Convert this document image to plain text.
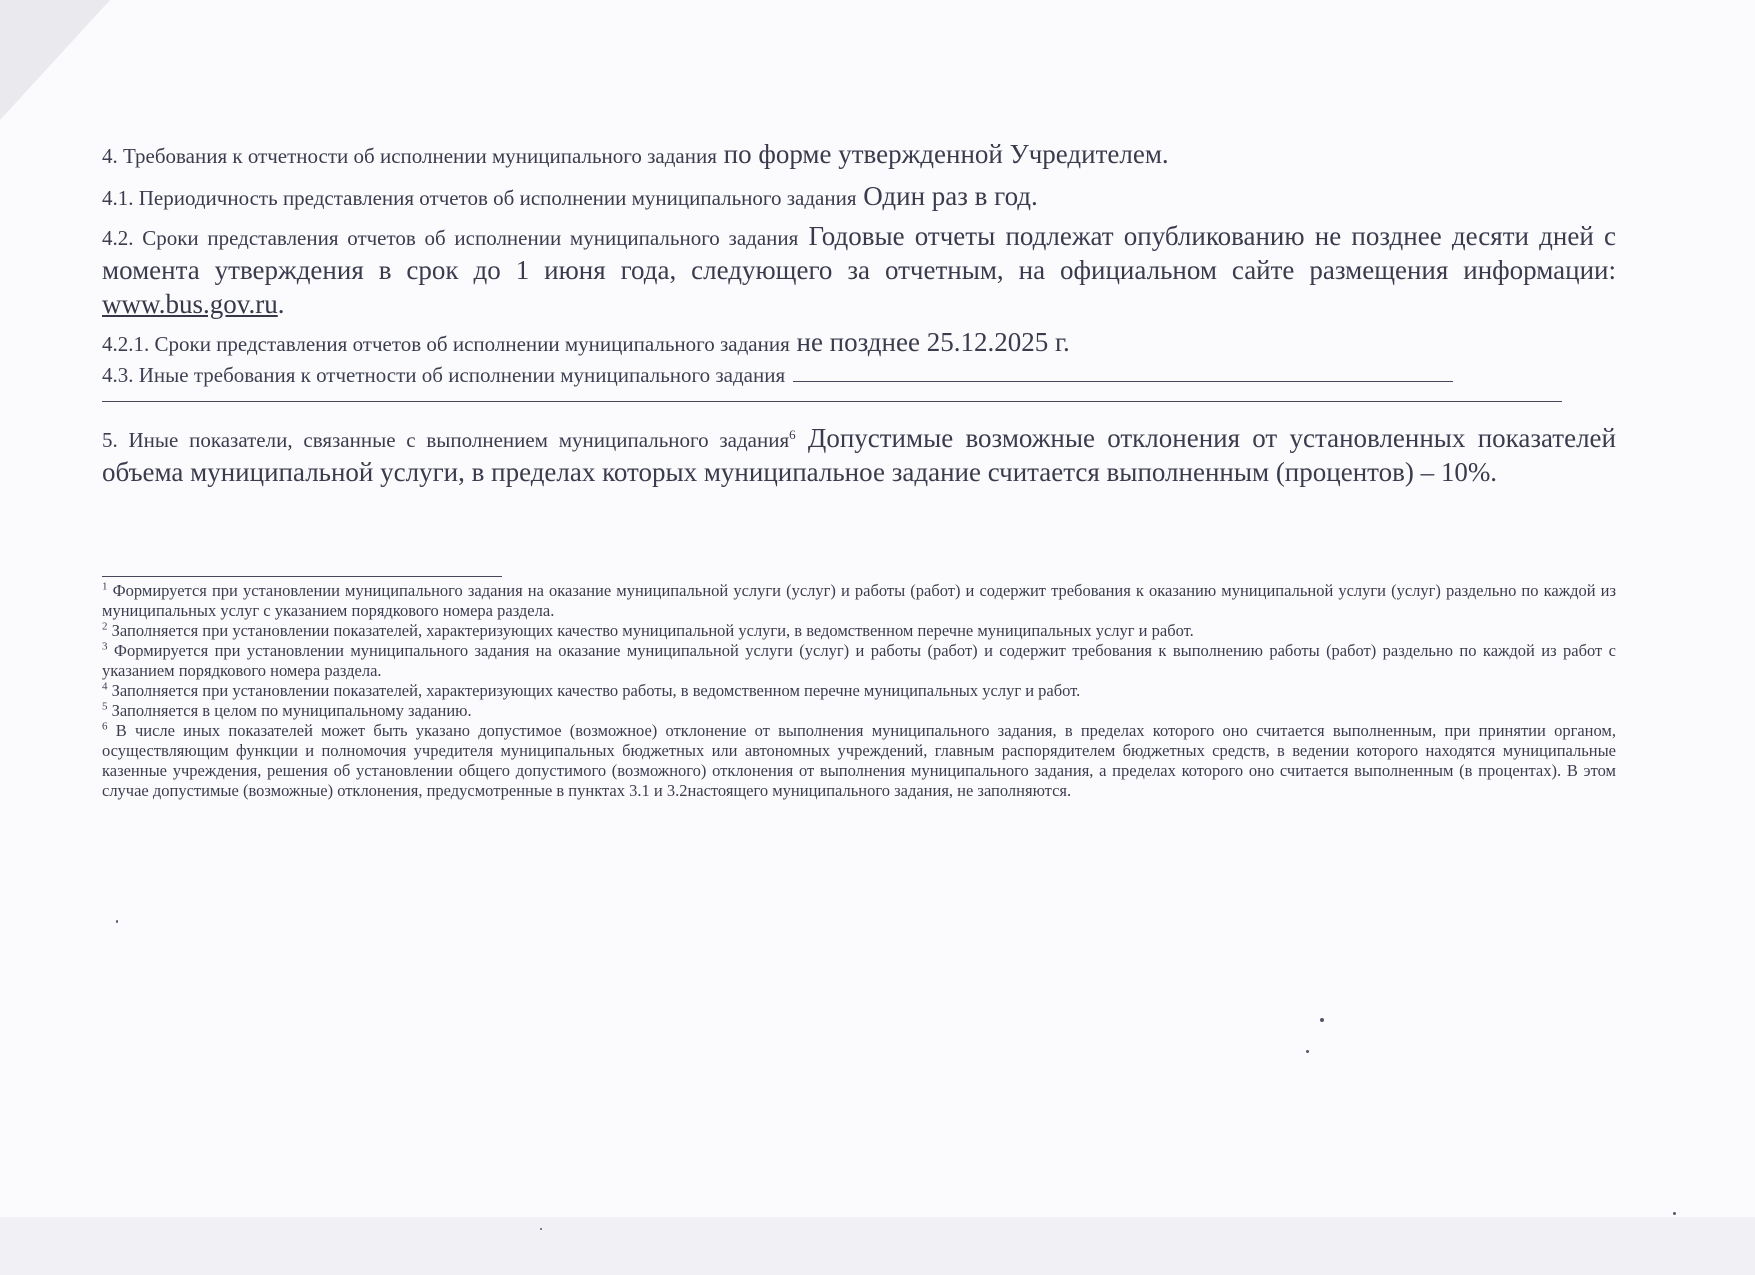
4. Требования к отчетности об исполнении муниципального задания по форме утвержденной Учредителем.

4.1. Периодичность представления отчетов об исполнении муниципального задания Один раз в год.

4.2. Сроки представления отчетов об исполнении муниципального задания Годовые отчеты подлежат опубликованию не позднее десяти дней с момента утверждения в срок до 1 июня года, следующего за отчетным, на официальном сайте размещения информации: www.bus.gov.ru.

4.2.1. Сроки представления отчетов об исполнении муниципального задания не позднее 25.12.2025 г.

4.3. Иные требования к отчетности об исполнении муниципального задания

5. Иные показатели, связанные с выполнением муниципального задания$^6$ Допустимые возможные отклонения от установленных показателей объема муниципальной услуги, в пределах которых муниципальное задание считается выполненным (процентов) – 10%.

$^1$ Формируется при установлении муниципального задания на оказание муниципальной услуги (услуг) и работы (работ) и содержит требования к оказанию муниципальной услуги (услуг) раздельно по каждой из муниципальных услуг с указанием порядкового номера раздела.

$^2$ Заполняется при установлении показателей, характеризующих качество муниципальной услуги, в ведомственном перечне муниципальных услуг и работ.

$^3$ Формируется при установлении муниципального задания на оказание муниципальной услуги (услуг) и работы (работ) и содержит требования к выполнению работы (работ) раздельно по каждой из работ с указанием порядкового номера раздела.

$^4$ Заполняется при установлении показателей, характеризующих качество работы, в ведомственном перечне муниципальных услуг и работ.

$^5$ Заполняется в целом по муниципальному заданию.

$^6$ В числе иных показателей может быть указано допустимое (возможное) отклонение от выполнения муниципального задания, в пределах которого оно считается выполненным, при принятии органом, осуществляющим функции и полномочия учредителя муниципальных бюджетных или автономных учреждений, главным распорядителем бюджетных средств, в ведении которого находятся муниципальные казенные учреждения, решения об установлении общего допустимого (возможного) отклонения от выполнения муниципального задания, а пределах которого оно считается выполненным (в процентах). В этом случае допустимые (возможные) отклонения, предусмотренные в пунктах 3.1 и 3.2настоящего муниципального задания, не заполняются.
